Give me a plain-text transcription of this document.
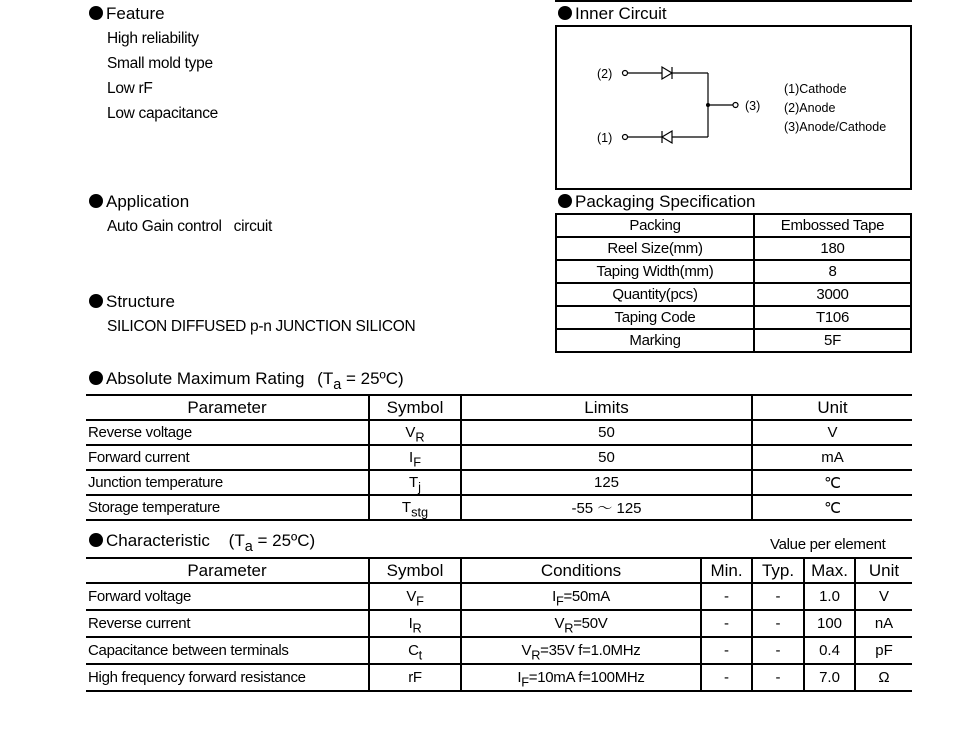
Feature
High reliability
Small mold type
Low rF
Low capacitance
Application
Auto Gain control   circuit
Structure
SILICON DIFFUSED p-n JUNCTION SILICON
Inner Circuit
(2)
(1)
(3)
(1)Cathode
(2)Anode
(3)Anode/Cathode
Packaging Specification
Packing	Embossed Tape
Reel Size(mm)	180
Taping Width(mm)	8
Quantity(pcs)	3000
Taping Code	T106
Marking	5F
Absolute Maximum Rating ($T_a$ = 25ºC)
Parameter	Symbol	Limits	Unit
Reverse voltage	$V_R$	50	V
Forward current	$I_F$	50	mA
Junction temperature	$T_j$	125	℃
Storage temperature	$T_{stg}$	-55 ～ 125	℃
Characteristic ($T_a$ = 25ºC)	Value per element
Parameter	Symbol	Conditions	Min.	Typ.	Max.	Unit
Forward voltage	$V_F$	$I_F=50mA$	-	-	1.0	V
Reverse current	$I_R$	$V_R=50V$	-	-	100	nA
Capacitance between terminals	$C_t$	$V_R=35V$ f=1.0MHz	-	-	0.4	pF
High frequency forward resistance	rF	$I_F=10mA$ f=100MHz	-	-	7.0	Ω
